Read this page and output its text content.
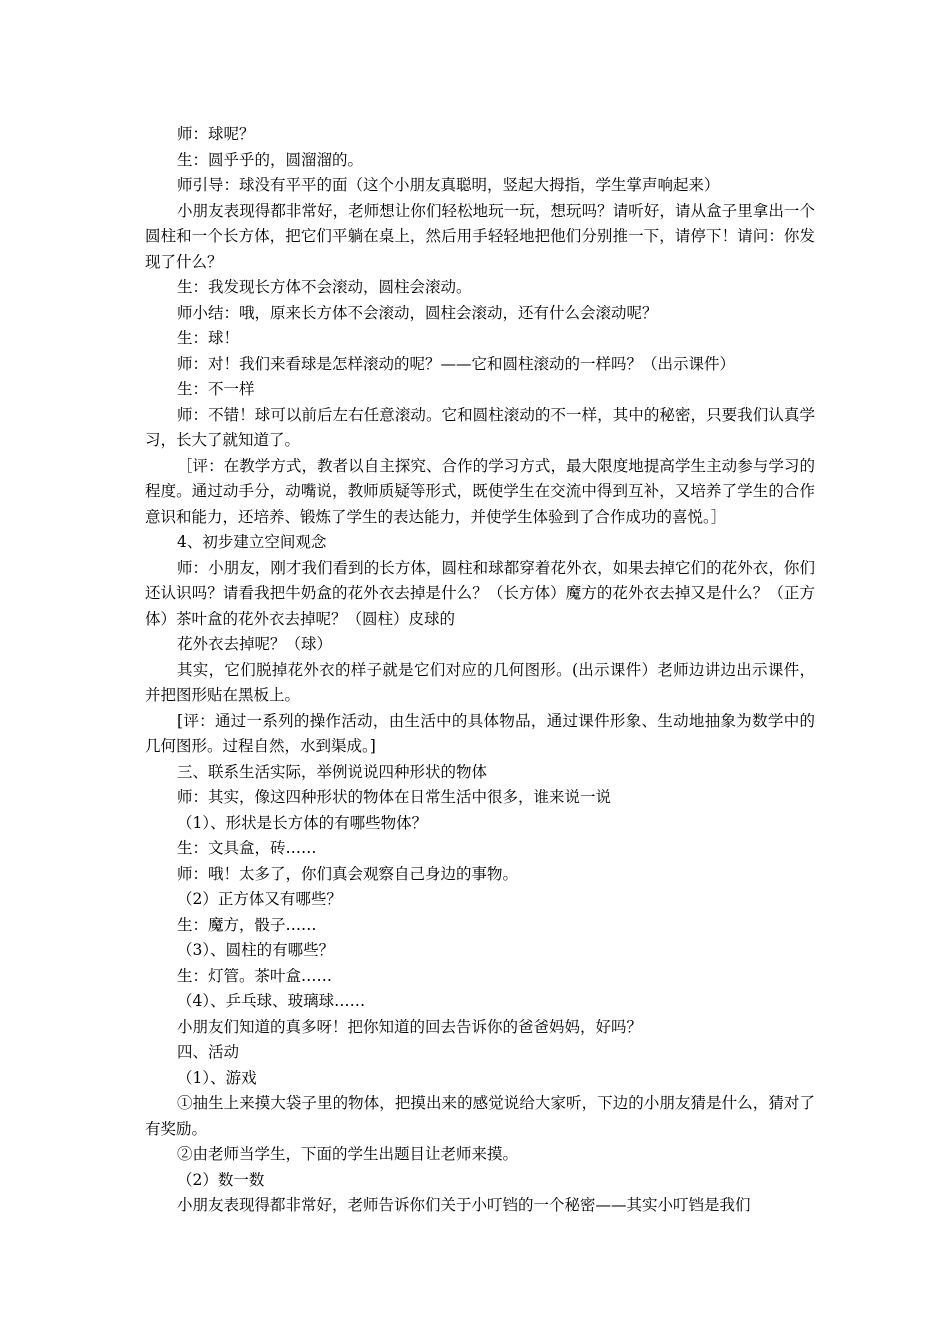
师：球呢？

生：圆乎乎的，圆溜溜的。

师引导：球没有平平的面（这个小朋友真聪明，竖起大拇指，学生掌声响起来）

小朋友表现得都非常好，老师想让你们轻松地玩一玩，想玩吗？请听好，请从盒子里拿出一个圆柱和一个长方体，把它们平躺在桌上，然后用手轻轻地把他们分别推一下，请停下！请问：你发现了什么？

生：我发现长方体不会滚动，圆柱会滚动。

师小结：哦，原来长方体不会滚动，圆柱会滚动，还有什么会滚动呢？

生：球！

师：对！我们来看球是怎样滚动的呢？——它和圆柱滚动的一样吗？（出示课件）

生：不一样

师：不错！球可以前后左右任意滚动。它和圆柱滚动的不一样，其中的秘密，只要我们认真学习，长大了就知道了。

［评：在教学方式，教者以自主探究、合作的学习方式，最大限度地提高学生主动参与学习的程度。通过动手分，动嘴说，教师质疑等形式，既使学生在交流中得到互补，又培养了学生的合作意识和能力，还培养、锻炼了学生的表达能力，并使学生体验到了合作成功的喜悦。］

4、初步建立空间观念

师：小朋友，刚才我们看到的长方体，圆柱和球都穿着花外衣，如果去掉它们的花外衣，你们还认识吗？请看我把牛奶盒的花外衣去掉是什么？（长方体）魔方的花外衣去掉又是什么？（正方体）茶叶盒的花外衣去掉呢？（圆柱）皮球的

花外衣去掉呢？（球）

其实，它们脱掉花外衣的样子就是它们对应的几何图形。(出示课件）老师边讲边出示课件，并把图形贴在黑板上。

[评：通过一系列的操作活动，由生活中的具体物品，通过课件形象、生动地抽象为数学中的几何图形。过程自然，水到渠成。]

三、联系生活实际，举例说说四种形状的物体

师：其实，像这四种形状的物体在日常生活中很多，谁来说一说

（1）、形状是长方体的有哪些物体？

生：文具盒，砖……

师：哦！太多了，你们真会观察自己身边的事物。

（2）正方体又有哪些？

生：魔方，骰子……

（3）、圆柱的有哪些？

生：灯管。茶叶盒……

（4）、乒乓球、玻璃球……

小朋友们知道的真多呀！把你知道的回去告诉你的爸爸妈妈，好吗？

四、活动

（1）、游戏

①抽生上来摸大袋子里的物体，把摸出来的感觉说给大家听，下边的小朋友猜是什么，猜对了有奖励。

②由老师当学生，下面的学生出题目让老师来摸。

（2）数一数

小朋友表现得都非常好，老师告诉你们关于小叮铛的一个秘密——其实小叮铛是我们
